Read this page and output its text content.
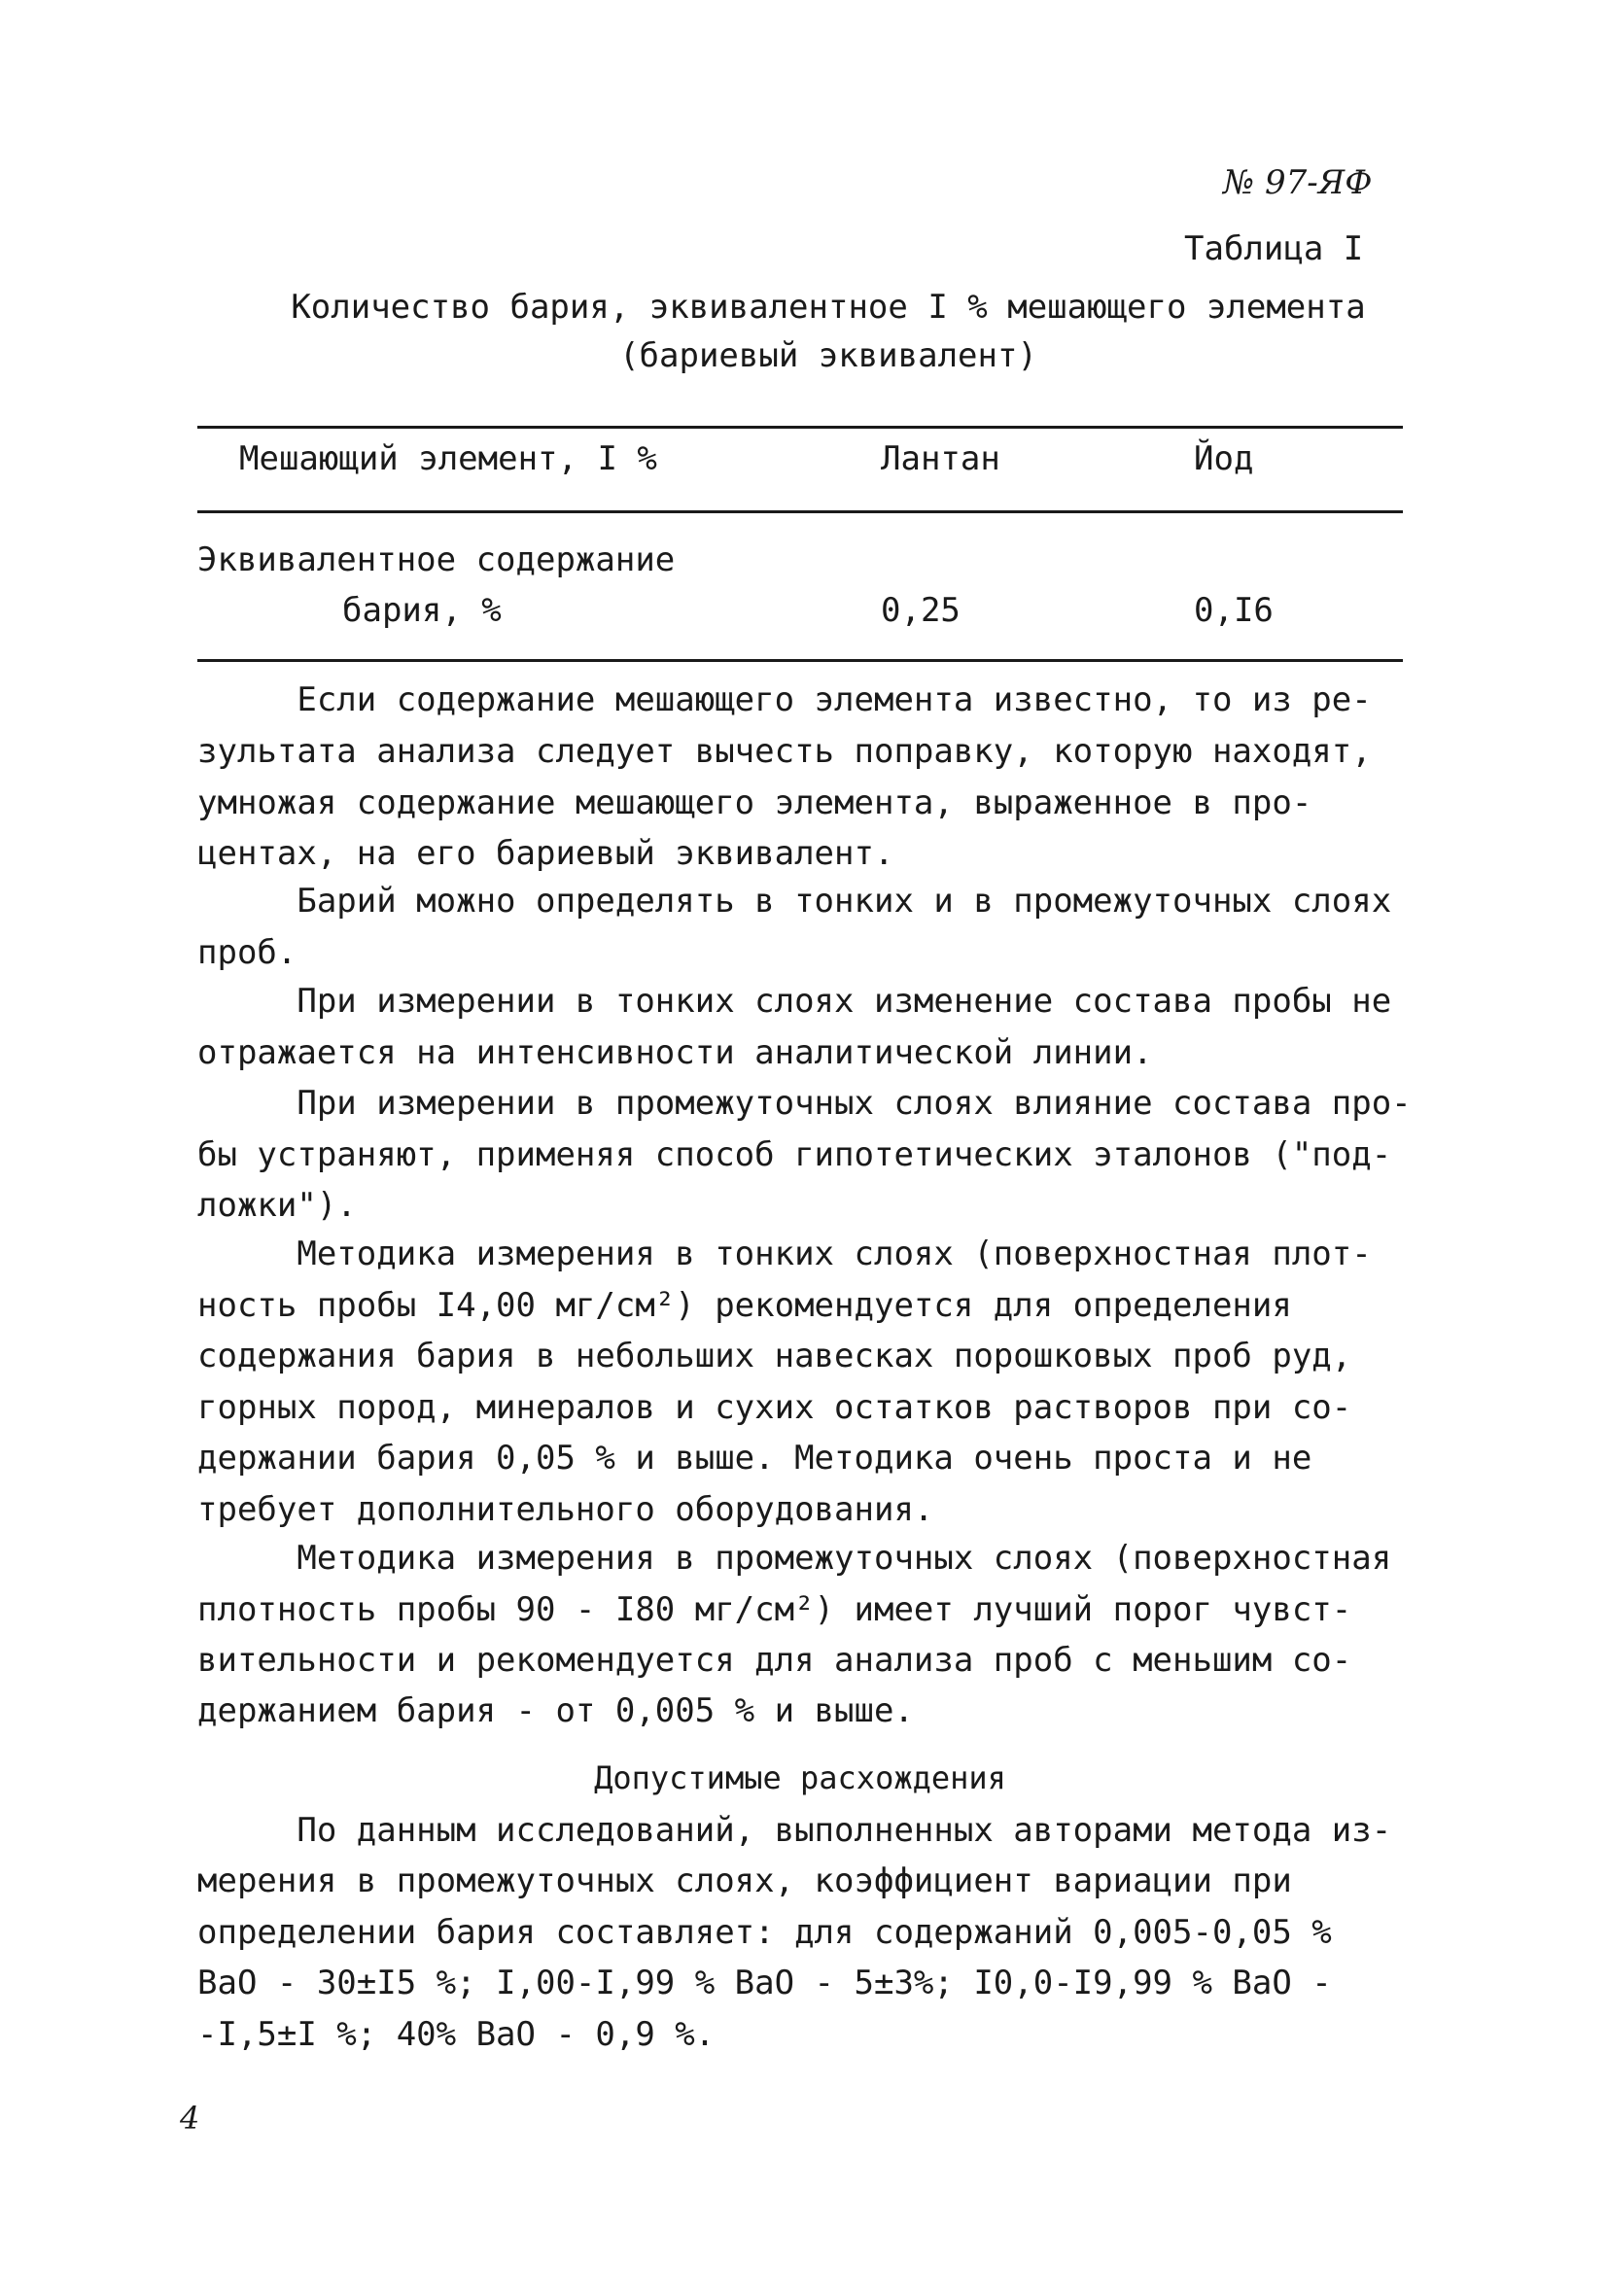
№ 97-ЯФ
Таблица I
Количество бария, эквивалентное I % мешающего элемента
(бариевый эквивалент)
Мешающий элемент, I %	Лантан	Йод
Эквивалентное содержание
бария, %	0,25	0,I6
Если содержание мешающего элемента известно, то из ре-
зультата анализа следует вычесть поправку, которую находят,
умножая содержание мешающего элемента, выраженное в про-
центах, на его бариевый эквивалент.
Барий можно определять в тонких и в промежуточных слоях
проб.
При измерении в тонких слоях изменение состава пробы не
отражается на интенсивности аналитической линии.
При измерении в промежуточных слоях влияние состава про-
бы устраняют, применяя способ гипотетических эталонов ("под-
ложки").
Методика измерения в тонких слоях (поверхностная плот-
ность пробы I4,00 мг/см²) рекомендуется для определения
содержания бария в небольших навесках порошковых проб руд,
горных пород, минералов и сухих остатков растворов при со-
держании бария 0,05 % и выше. Методика очень проста и не
требует дополнительного оборудования.
Методика измерения в промежуточных слоях (поверхностная
плотность пробы 90 - I80 мг/см²) имеет лучший порог чувст-
вительности и рекомендуется для анализа проб с меньшим со-
держанием бария - от 0,005 % и выше.
Допустимые расхождения
По данным исследований, выполненных авторами метода из-
мерения в промежуточных слоях, коэффициент вариации при
определении бария составляет: для содержаний 0,005-0,05 %
BaO - 30±I5 %; I,00-I,99 % BaO - 5±3%; I0,0-I9,99 % BaO -
-I,5±I %; 40% BaO - 0,9 %.
4
